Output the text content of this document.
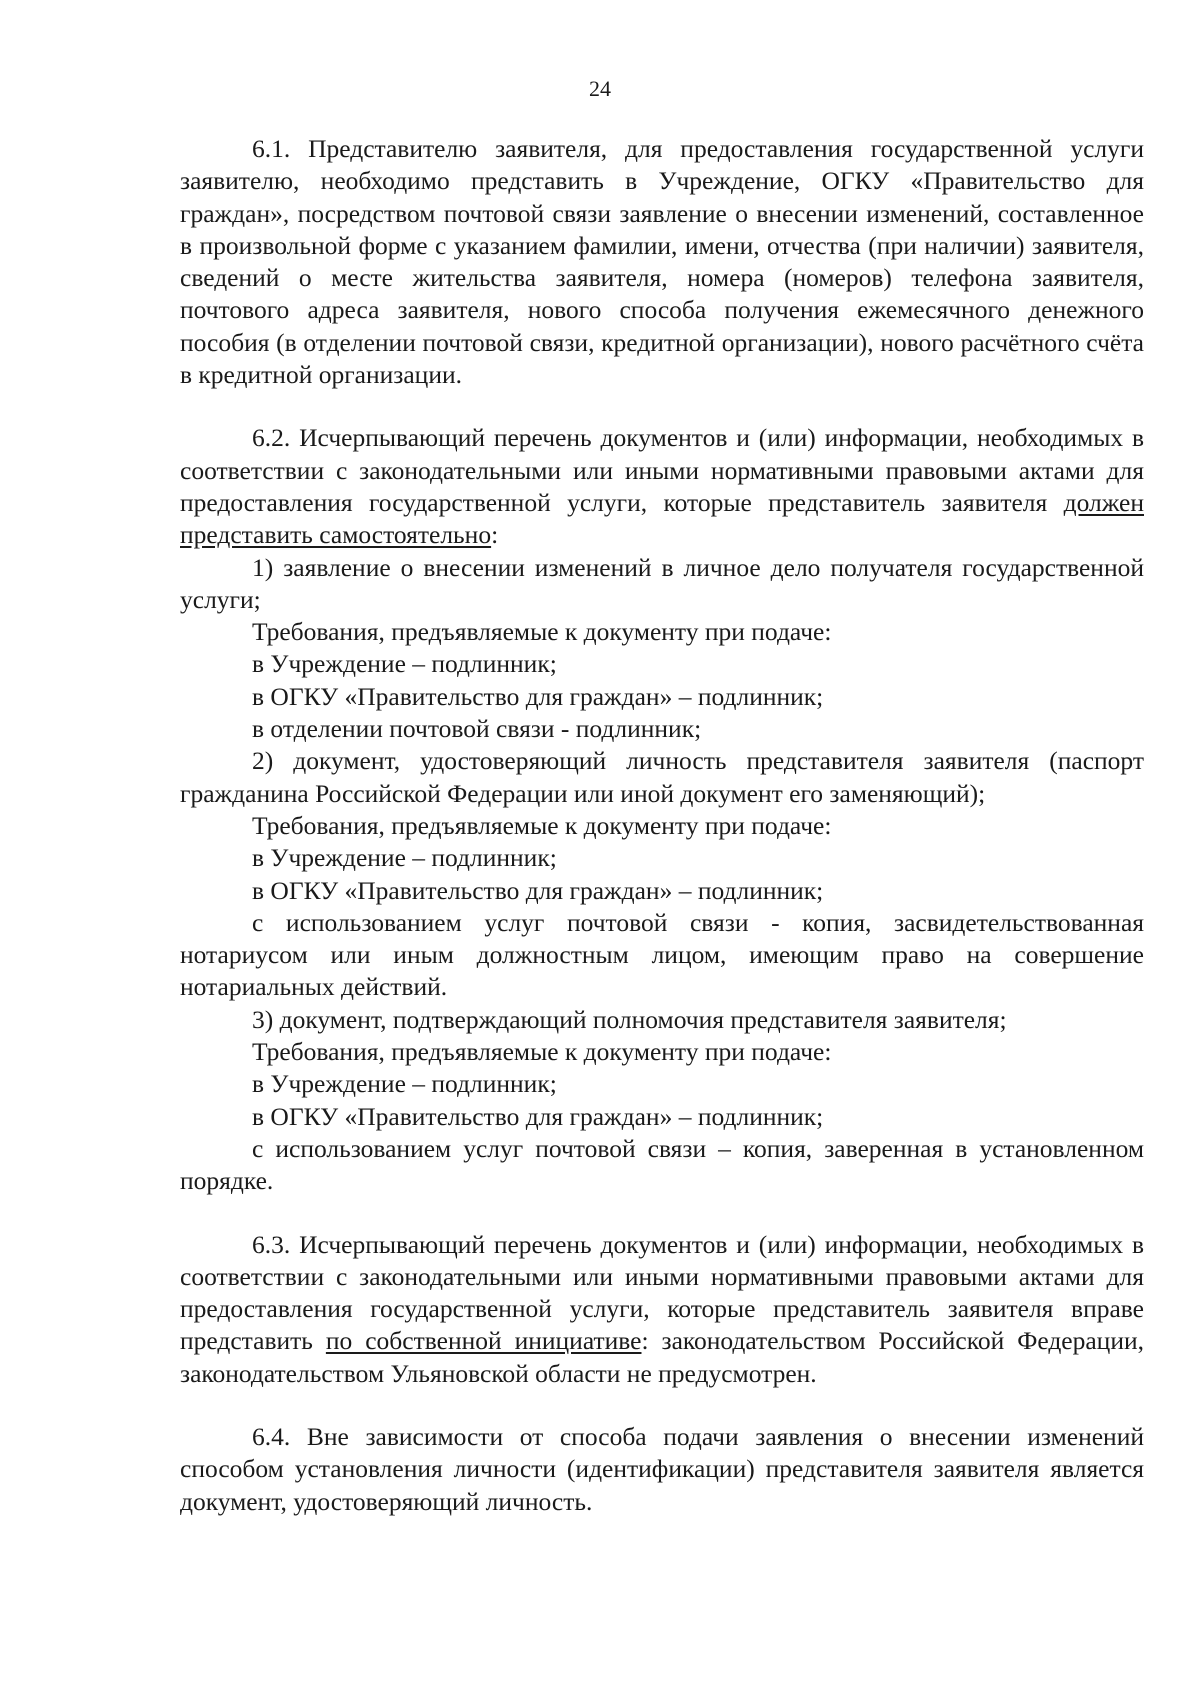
24

6.1. Представителю заявителя, для предоставления государственной услуги заявителю, необходимо представить в Учреждение, ОГКУ «Правительство для граждан», посредством почтовой связи заявление о внесении изменений, составленное в произвольной форме с указанием фамилии, имени, отчества (при наличии) заявителя, сведений о месте жительства заявителя, номера (номеров) телефона заявителя, почтового адреса заявителя, нового способа получения ежемесячного денежного пособия (в отделении почтовой связи, кредитной организации), нового расчётного счёта в кредитной организации.

6.2. Исчерпывающий перечень документов и (или) информации, необходимых в соответствии с законодательными или иными нормативными правовыми актами для предоставления государственной услуги, которые представитель заявителя должен представить самостоятельно:

1) заявление о внесении изменений в личное дело получателя государственной услуги;

Требования, предъявляемые к документу при подаче:

в Учреждение – подлинник;

в ОГКУ «Правительство для граждан» – подлинник;

в отделении почтовой связи - подлинник;

2) документ, удостоверяющий личность представителя заявителя (паспорт гражданина Российской Федерации или иной документ его заменяющий);

Требования, предъявляемые к документу при подаче:

в Учреждение – подлинник;

в ОГКУ «Правительство для граждан» – подлинник;

с использованием услуг почтовой связи - копия, засвидетельствованная нотариусом или иным должностным лицом, имеющим право на совершение нотариальных действий.

3) документ, подтверждающий полномочия представителя заявителя;

Требования, предъявляемые к документу при подаче:

в Учреждение – подлинник;

в ОГКУ «Правительство для граждан» – подлинник;

с использованием услуг почтовой связи – копия, заверенная в установленном порядке.

6.3. Исчерпывающий перечень документов и (или) информации, необходимых в соответствии с законодательными или иными нормативными правовыми актами для предоставления государственной услуги, которые представитель заявителя вправе представить по собственной инициативе: законодательством Российской Федерации, законодательством Ульяновской области не предусмотрен.

6.4. Вне зависимости от способа подачи заявления о внесении изменений способом установления личности (идентификации) представителя заявителя является документ, удостоверяющий личность.
